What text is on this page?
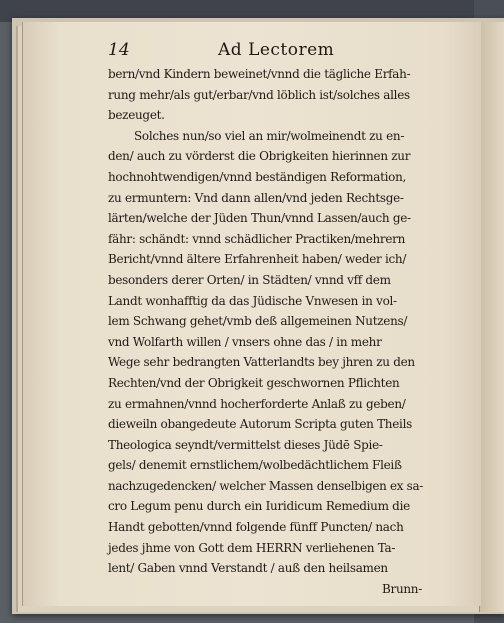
14	Ad Lectorem
bern/vnd Kindern beweinet/vnnd die tägliche Erfah-
rung mehr/als gut/erbar/vnd löblich ist/solches alles
bezeuget.
Solches nun/so viel an mir/wolmeinendt zu en-
den/ auch zu vörderst die Obrigkeiten hierinnen zur
hochnohtwendigen/vnnd beständigen Reformation,
zu ermuntern: Vnd dann allen/vnd jeden Rechtsge-
lärten/welche der Jüden Thun/vnnd Lassen/auch ge-
fähr: schändt: vnnd schädlicher Practiken/mehrern
Bericht/vnnd ältere Erfahrenheit haben/ weder ich/
besonders derer Orten/ in Städten/ vnnd vff dem
Landt wonhafftig da das Jüdische Vnwesen in vol-
lem Schwang gehet/vmb deß allgemeinen Nutzens/
vnd Wolfarth willen / vnsers ohne das / in mehr
Wege sehr bedrangten Vatterlandts bey jhren zu den
Rechten/vnd der Obrigkeit geschwornen Pflichten
zu ermahnen/vnnd hocherforderte Anlaß zu geben/
dieweiln obangedeute Autorum Scripta guten Theils
Theologica seyndt/vermittelst dieses Jüdē Spie-
gels/ denemit ernstlichem/wolbedächtlichem Fleiß
nachzugedencken/ welcher Massen denselbigen ex sa-
cro Legum penu durch ein Iuridicum Remedium die
Handt gebotten/vnnd folgende fünff Puncten/ nach
jedes jhme von Gott dem HERRN verliehenen Ta-
lent/ Gaben vnnd Verstandt / auß den heilsamen
Brunn-
